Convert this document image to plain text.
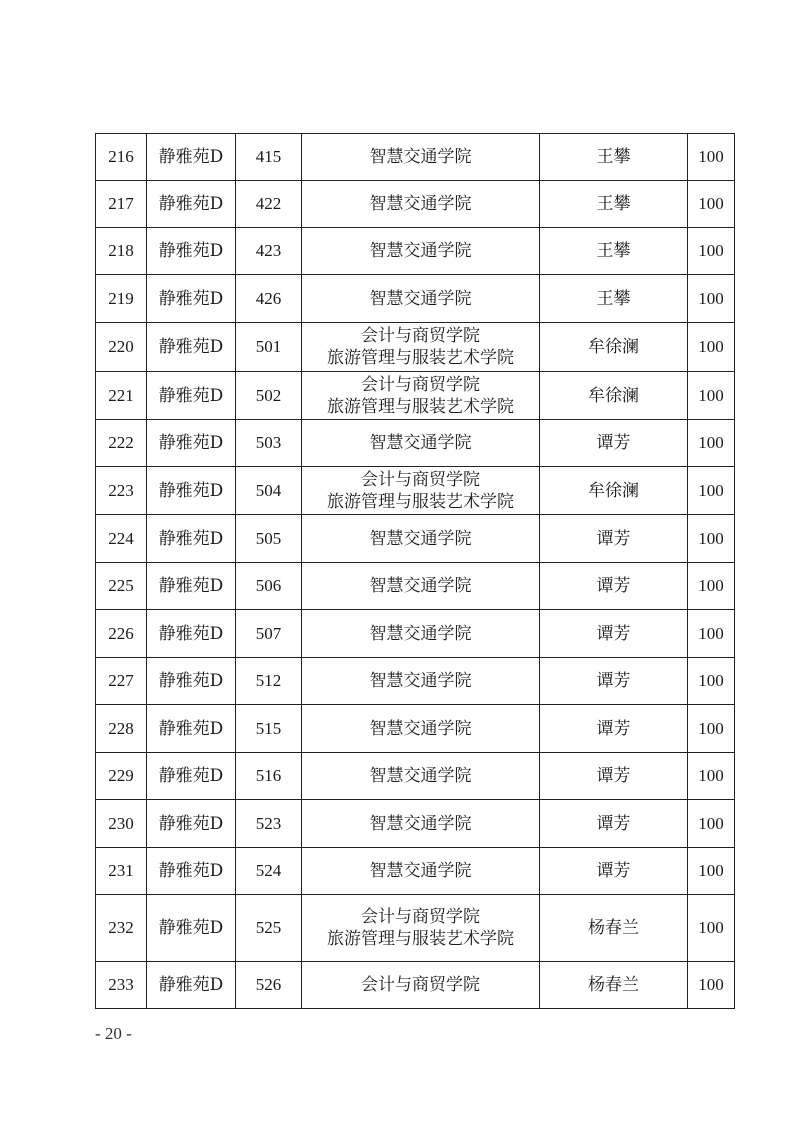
216	静雅苑D	415	智慧交通学院	王攀	100
217	静雅苑D	422	智慧交通学院	王攀	100
218	静雅苑D	423	智慧交通学院	王攀	100
219	静雅苑D	426	智慧交通学院	王攀	100
220	静雅苑D	501	会计与商贸学院
旅游管理与服装艺术学院	牟徐澜	100
221	静雅苑D	502	会计与商贸学院
旅游管理与服装艺术学院	牟徐澜	100
222	静雅苑D	503	智慧交通学院	谭芳	100
223	静雅苑D	504	会计与商贸学院
旅游管理与服装艺术学院	牟徐澜	100
224	静雅苑D	505	智慧交通学院	谭芳	100
225	静雅苑D	506	智慧交通学院	谭芳	100
226	静雅苑D	507	智慧交通学院	谭芳	100
227	静雅苑D	512	智慧交通学院	谭芳	100
228	静雅苑D	515	智慧交通学院	谭芳	100
229	静雅苑D	516	智慧交通学院	谭芳	100
230	静雅苑D	523	智慧交通学院	谭芳	100
231	静雅苑D	524	智慧交通学院	谭芳	100
232	静雅苑D	525	会计与商贸学院
旅游管理与服装艺术学院	杨春兰	100
233	静雅苑D	526	会计与商贸学院	杨春兰	100
- 20 -
